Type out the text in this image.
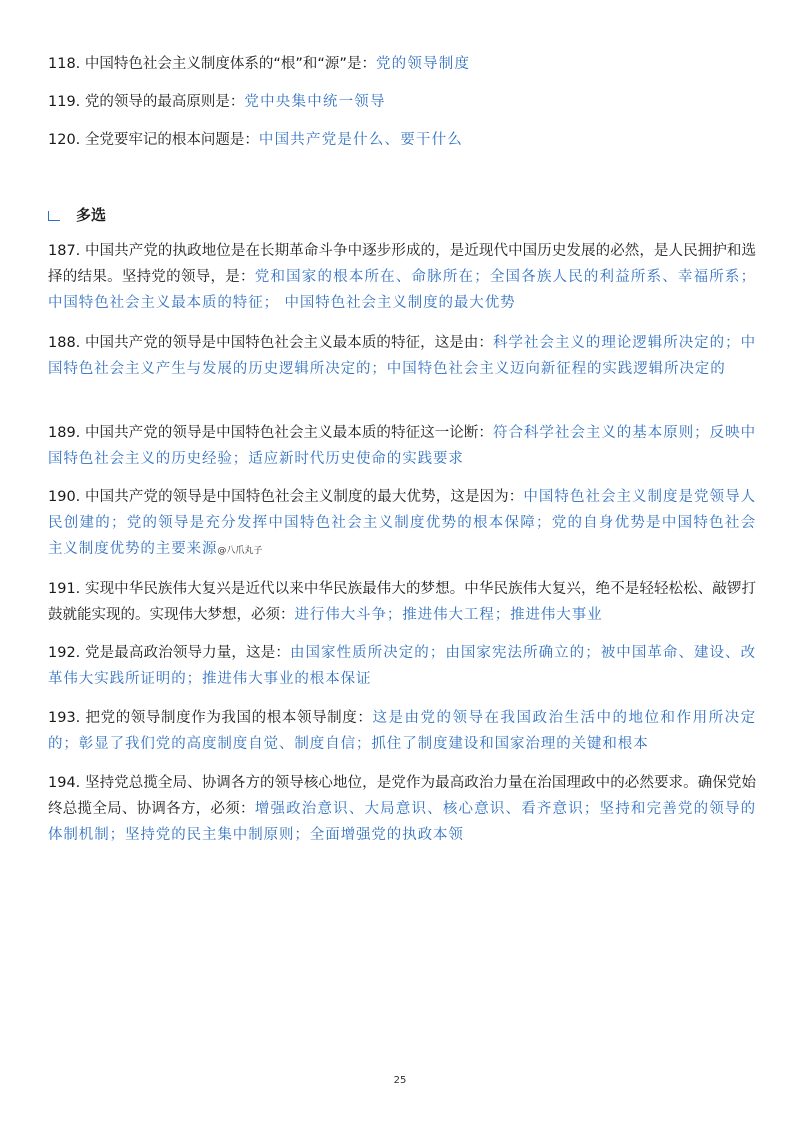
118. 中国特色社会主义制度体系的“根”和“源”是：党的领导制度
119. 党的领导的最高原则是：党中央集中统一领导
120. 全党要牢记的根本问题是：中国共产党是什么、要干什么
多选
187. 中国共产党的执政地位是在长期革命斗争中逐步形成的，是近现代中国历史发展的必然，是人民拥护和选择的结果。坚持党的领导，是：党和国家的根本所在、命脉所在；全国各族人民的利益所系、幸福所系； 中国特色社会主义最本质的特征； 中国特色社会主义制度的最大优势
188. 中国共产党的领导是中国特色社会主义最本质的特征，这是由：科学社会主义的理论逻辑所决定的；中国特色社会主义产生与发展的历史逻辑所决定的；中国特色社会主义迈向新征程的实践逻辑所决定的
189. 中国共产党的领导是中国特色社会主义最本质的特征这一论断：符合科学社会主义的基本原则；反映中国特色社会主义的历史经验；适应新时代历史使命的实践要求
190. 中国共产党的领导是中国特色社会主义制度的最大优势，这是因为：中国特色社会主义制度是党领导人民创建的；党的领导是充分发挥中国特色社会主义制度优势的根本保障；党的自身优势是中国特色社会主义制度优势的主要来源@八爪丸子
191. 实现中华民族伟大复兴是近代以来中华民族最伟大的梦想。中华民族伟大复兴，绝不是轻轻松松、敲锣打鼓就能实现的。实现伟大梦想，必须：进行伟大斗争；推进伟大工程；推进伟大事业
192. 党是最高政治领导力量，这是：由国家性质所决定的；由国家宪法所确立的；被中国革命、建设、改革伟大实践所证明的；推进伟大事业的根本保证
193. 把党的领导制度作为我国的根本领导制度：这是由党的领导在我国政治生活中的地位和作用所决定的；彰显了我们党的高度制度自觉、制度自信；抓住了制度建设和国家治理的关键和根本
194. 坚持党总揽全局、协调各方的领导核心地位，是党作为最高政治力量在治国理政中的必然要求。确保党始终总揽全局、协调各方，必须：增强政治意识、大局意识、核心意识、看齐意识；坚持和完善党的领导的体制机制；坚持党的民主集中制原则；全面增强党的执政本领
25
